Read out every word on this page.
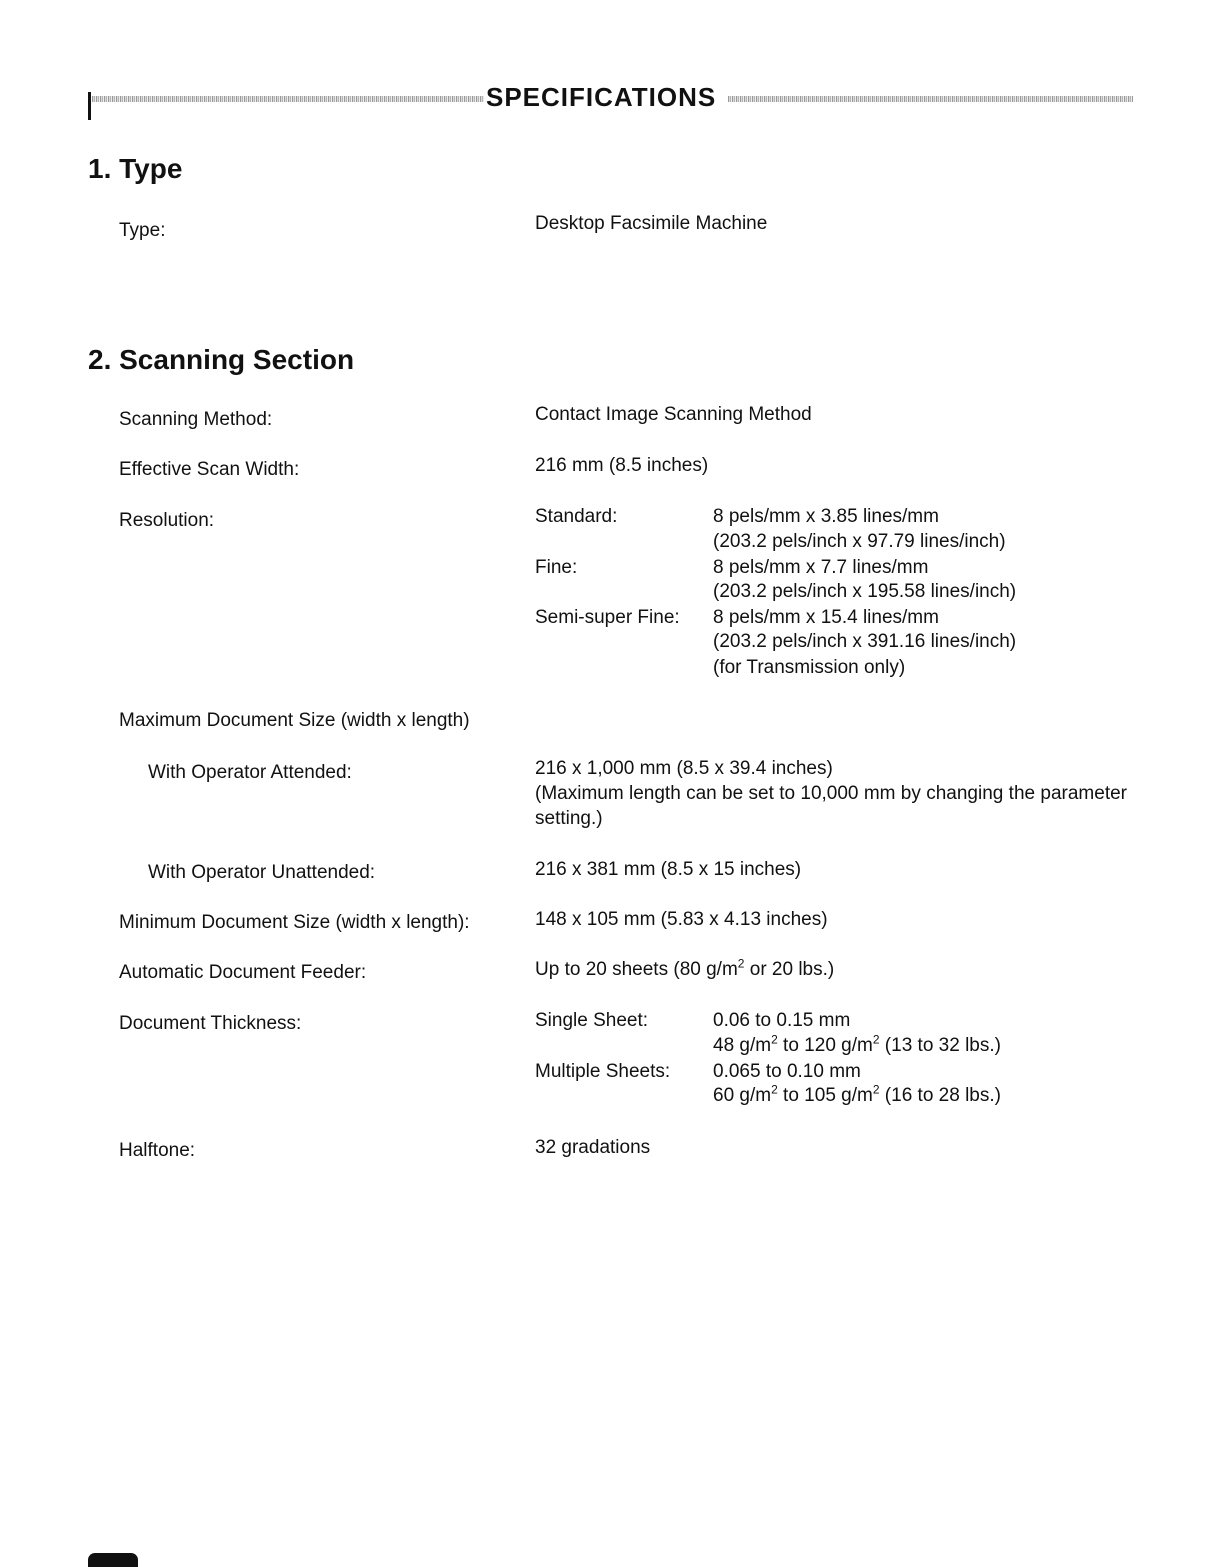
SPECIFICATIONS
1. Type
Type:	Desktop Facsimile Machine
2. Scanning Section
Scanning Method:	Contact Image Scanning Method
Effective Scan Width:	216 mm (8.5 inches)
Resolution:	Standard:	8 pels/mm x 3.85 lines/mm
(203.2 pels/inch x 97.79 lines/inch)
Fine:	8 pels/mm x 7.7 lines/mm
(203.2 pels/inch x 195.58 lines/inch)
Semi-super Fine: 8 pels/mm x 15.4 lines/mm
(203.2 pels/inch x 391.16 lines/inch)
(for Transmission only)
Maximum Document Size (width x length)
With Operator Attended:	216 x 1,000 mm (8.5 x 39.4 inches)
(Maximum length can be set to 10,000 mm by changing the parameter setting.)
With Operator Unattended:	216 x 381 mm (8.5 x 15 inches)
Minimum Document Size (width x length):	148 x 105 mm (5.83 x 4.13 inches)
Automatic Document Feeder:	Up to 20 sheets (80 $g/m^2$ or 20 lbs.)
Document Thickness:	Single Sheet:	0.06 to 0.15 mm
48 $g/m^2$ to 120 $g/m^2$ (13 to 32 lbs.)
Multiple Sheets: 0.065 to 0.10 mm
60 $g/m^2$ to 105 $g/m^2$ (16 to 28 lbs.)
Halftone:	32 gradations
